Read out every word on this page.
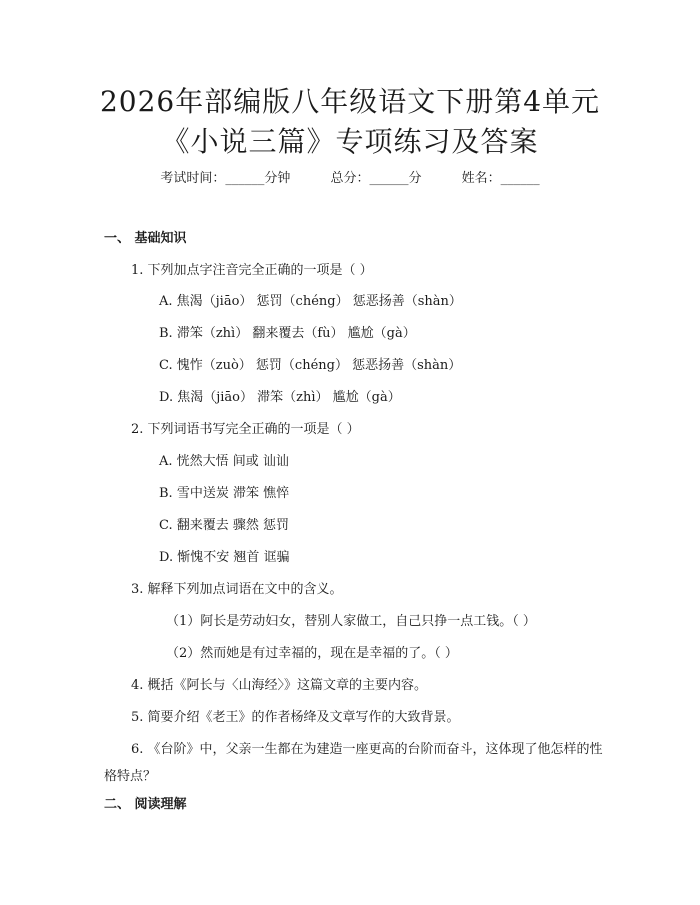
2026年部编版八年级语文下册第4单元《小说三篇》专项练习及答案
考试时间：______分钟	总分：______分	姓名：______
一、 基础知识
1. 下列加点字注音完全正确的一项是（ ）
A. 焦渴（jiāo） 惩罚（chéng） 惩恶扬善（shàn）
B. 滞笨（zhì） 翻来覆去（fù） 尴尬（gà）
C. 愧怍（zuò） 惩罚（chéng） 惩恶扬善（shàn）
D. 焦渴（jiāo） 滞笨（zhì） 尴尬（gà）
2. 下列词语书写完全正确的一项是（ ）
A. 恍然大悟 间或 讪讪
B. 雪中送炭 滞笨 憔悴
C. 翻来覆去 骤然 惩罚
D. 惭愧不安 翘首 诓骗
3. 解释下列加点词语在文中的含义。
（1）阿长是劳动妇女，替别人家做工，自己只挣一点工钱。（ ）
（2）然而她是有过幸福的，现在是幸福的了。（ ）
4. 概括《阿长与〈山海经〉》这篇文章的主要内容。
5. 简要介绍《老王》的作者杨绛及文章写作的大致背景。
6. 《台阶》中，父亲一生都在为建造一座更高的台阶而奋斗，这体现了他怎样的性格特点？
二、 阅读理解
